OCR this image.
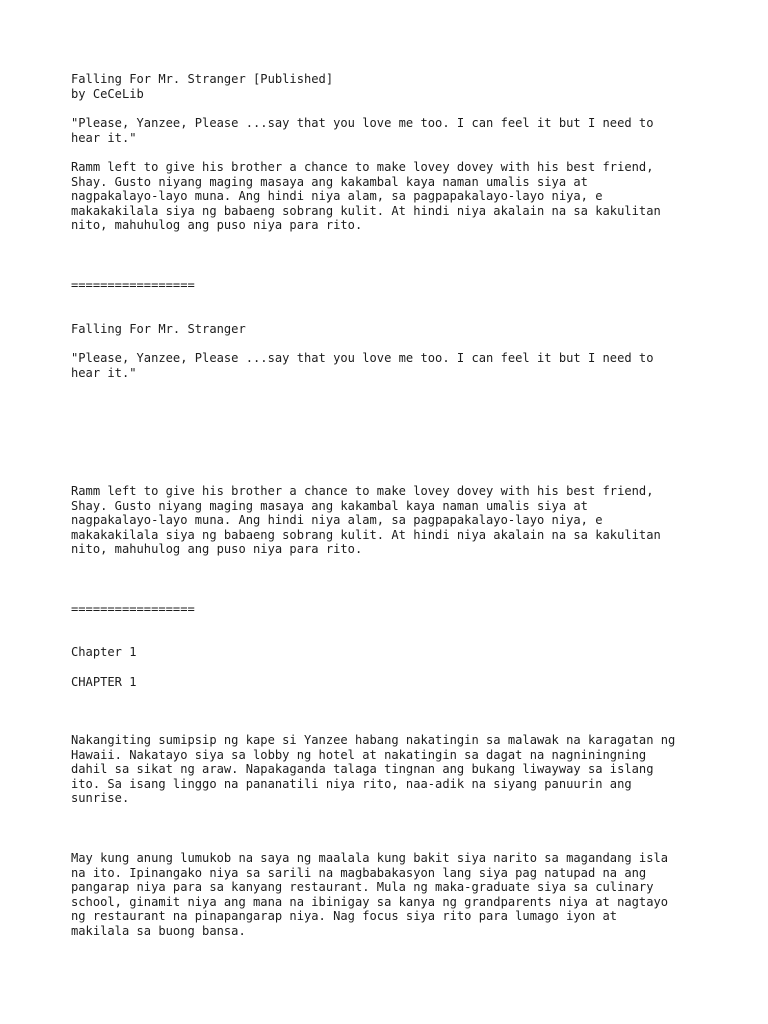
Falling For Mr. Stranger [Published]

by CeCeLib

"Please, Yanzee, Please ...say that you love me too. I can feel it but I need to
hear it."

Ramm left to give his brother a chance to make lovey dovey with his best friend,
Shay. Gusto niyang maging masaya ang kakambal kaya naman umalis siya at
nagpakalayo-layo muna. Ang hindi niya alam, sa pagpapakalayo-layo niya, e
makakakilala siya ng babaeng sobrang kulit. At hindi niya akalain na sa kakulitan
nito, mahuhulog ang puso niya para rito.

=================

Falling For Mr. Stranger

"Please, Yanzee, Please ...say that you love me too. I can feel it but I need to
hear it."

Ramm left to give his brother a chance to make lovey dovey with his best friend,
Shay. Gusto niyang maging masaya ang kakambal kaya naman umalis siya at
nagpakalayo-layo muna. Ang hindi niya alam, sa pagpapakalayo-layo niya, e
makakakilala siya ng babaeng sobrang kulit. At hindi niya akalain na sa kakulitan
nito, mahuhulog ang puso niya para rito.

=================

Chapter 1

CHAPTER 1

Nakangiting sumipsip ng kape si Yanzee habang nakatingin sa malawak na karagatan ng
Hawaii. Nakatayo siya sa lobby ng hotel at nakatingin sa dagat na nagniningning
dahil sa sikat ng araw. Napakaganda talaga tingnan ang bukang liwayway sa islang
ito. Sa isang linggo na pananatili niya rito, naa-adik na siyang panuurin ang
sunrise.

May kung anung lumukob na saya ng maalala kung bakit siya narito sa magandang isla
na ito. Ipinangako niya sa sarili na magbabakasyon lang siya pag natupad na ang
pangarap niya para sa kanyang restaurant. Mula ng maka-graduate siya sa culinary
school, ginamit niya ang mana na ibinigay sa kanya ng grandparents niya at nagtayo
ng restaurant na pinapangarap niya. Nag focus siya rito para lumago iyon at
makilala sa buong bansa.
